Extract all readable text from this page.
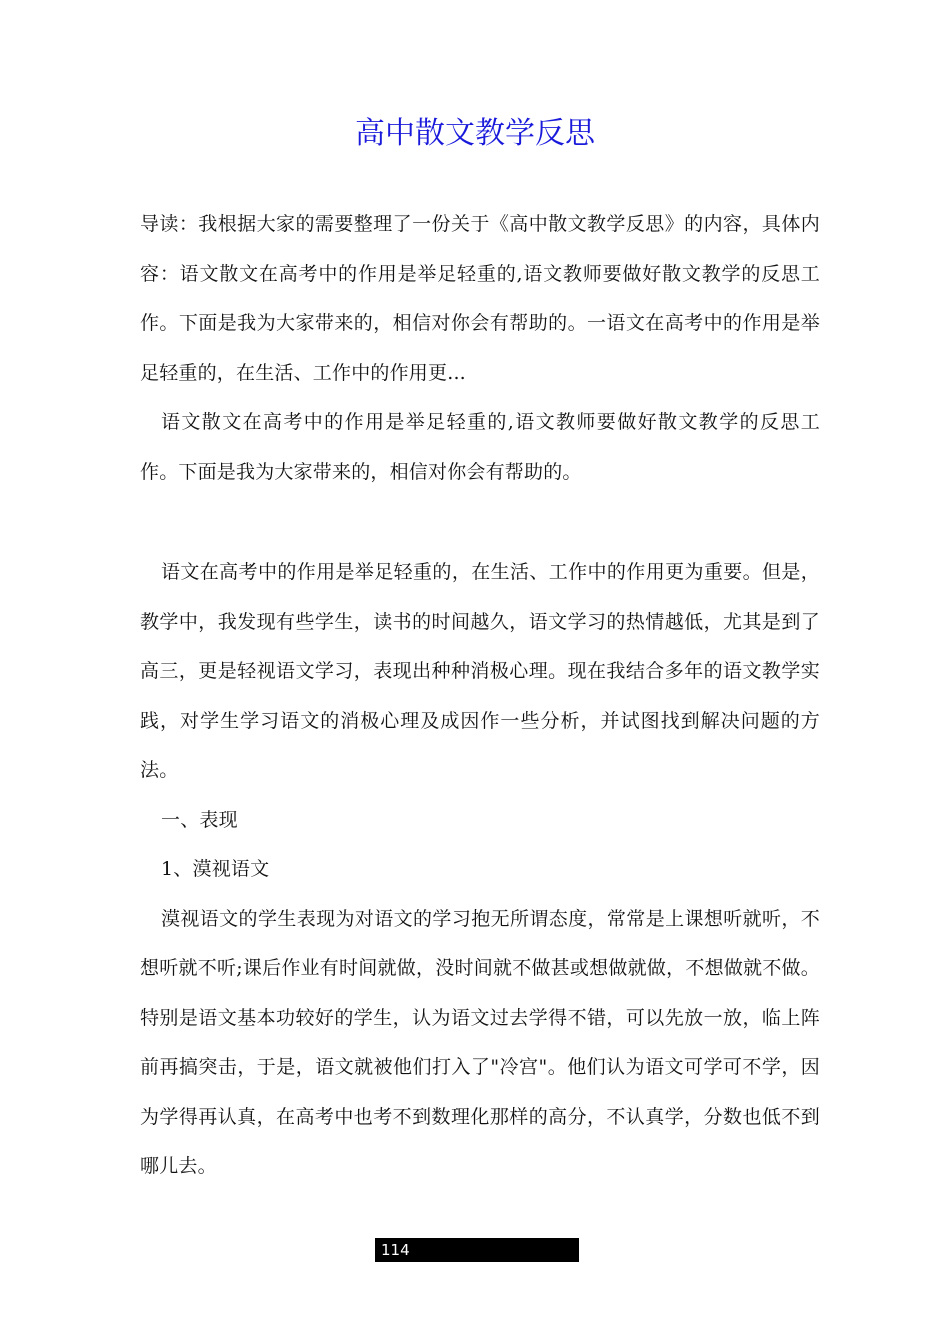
高中散文教学反思

导读：我根据大家的需要整理了一份关于《高中散文教学反思》的内容，具体内容：语文散文在高考中的作用是举足轻重的,语文教师要做好散文教学的反思工作。下面是我为大家带来的，相信对你会有帮助的。一语文在高考中的作用是举足轻重的，在生活、工作中的作用更...

语文散文在高考中的作用是举足轻重的,语文教师要做好散文教学的反思工作。下面是我为大家带来的，相信对你会有帮助的。

语文在高考中的作用是举足轻重的，在生活、工作中的作用更为重要。但是，教学中，我发现有些学生，读书的时间越久，语文学习的热情越低，尤其是到了高三，更是轻视语文学习，表现出种种消极心理。现在我结合多年的语文教学实践，对学生学习语文的消极心理及成因作一些分析，并试图找到解决问题的方法。

一、表现

1、漠视语文

漠视语文的学生表现为对语文的学习抱无所谓态度，常常是上课想听就听，不想听就不听;课后作业有时间就做，没时间就不做甚或想做就做，不想做就不做。特别是语文基本功较好的学生，认为语文过去学得不错，可以先放一放，临上阵前再搞突击，于是，语文就被他们打入了"冷宫"。他们认为语文可学可不学，因为学得再认真，在高考中也考不到数理化那样的高分，不认真学，分数也低不到哪儿去。

114
